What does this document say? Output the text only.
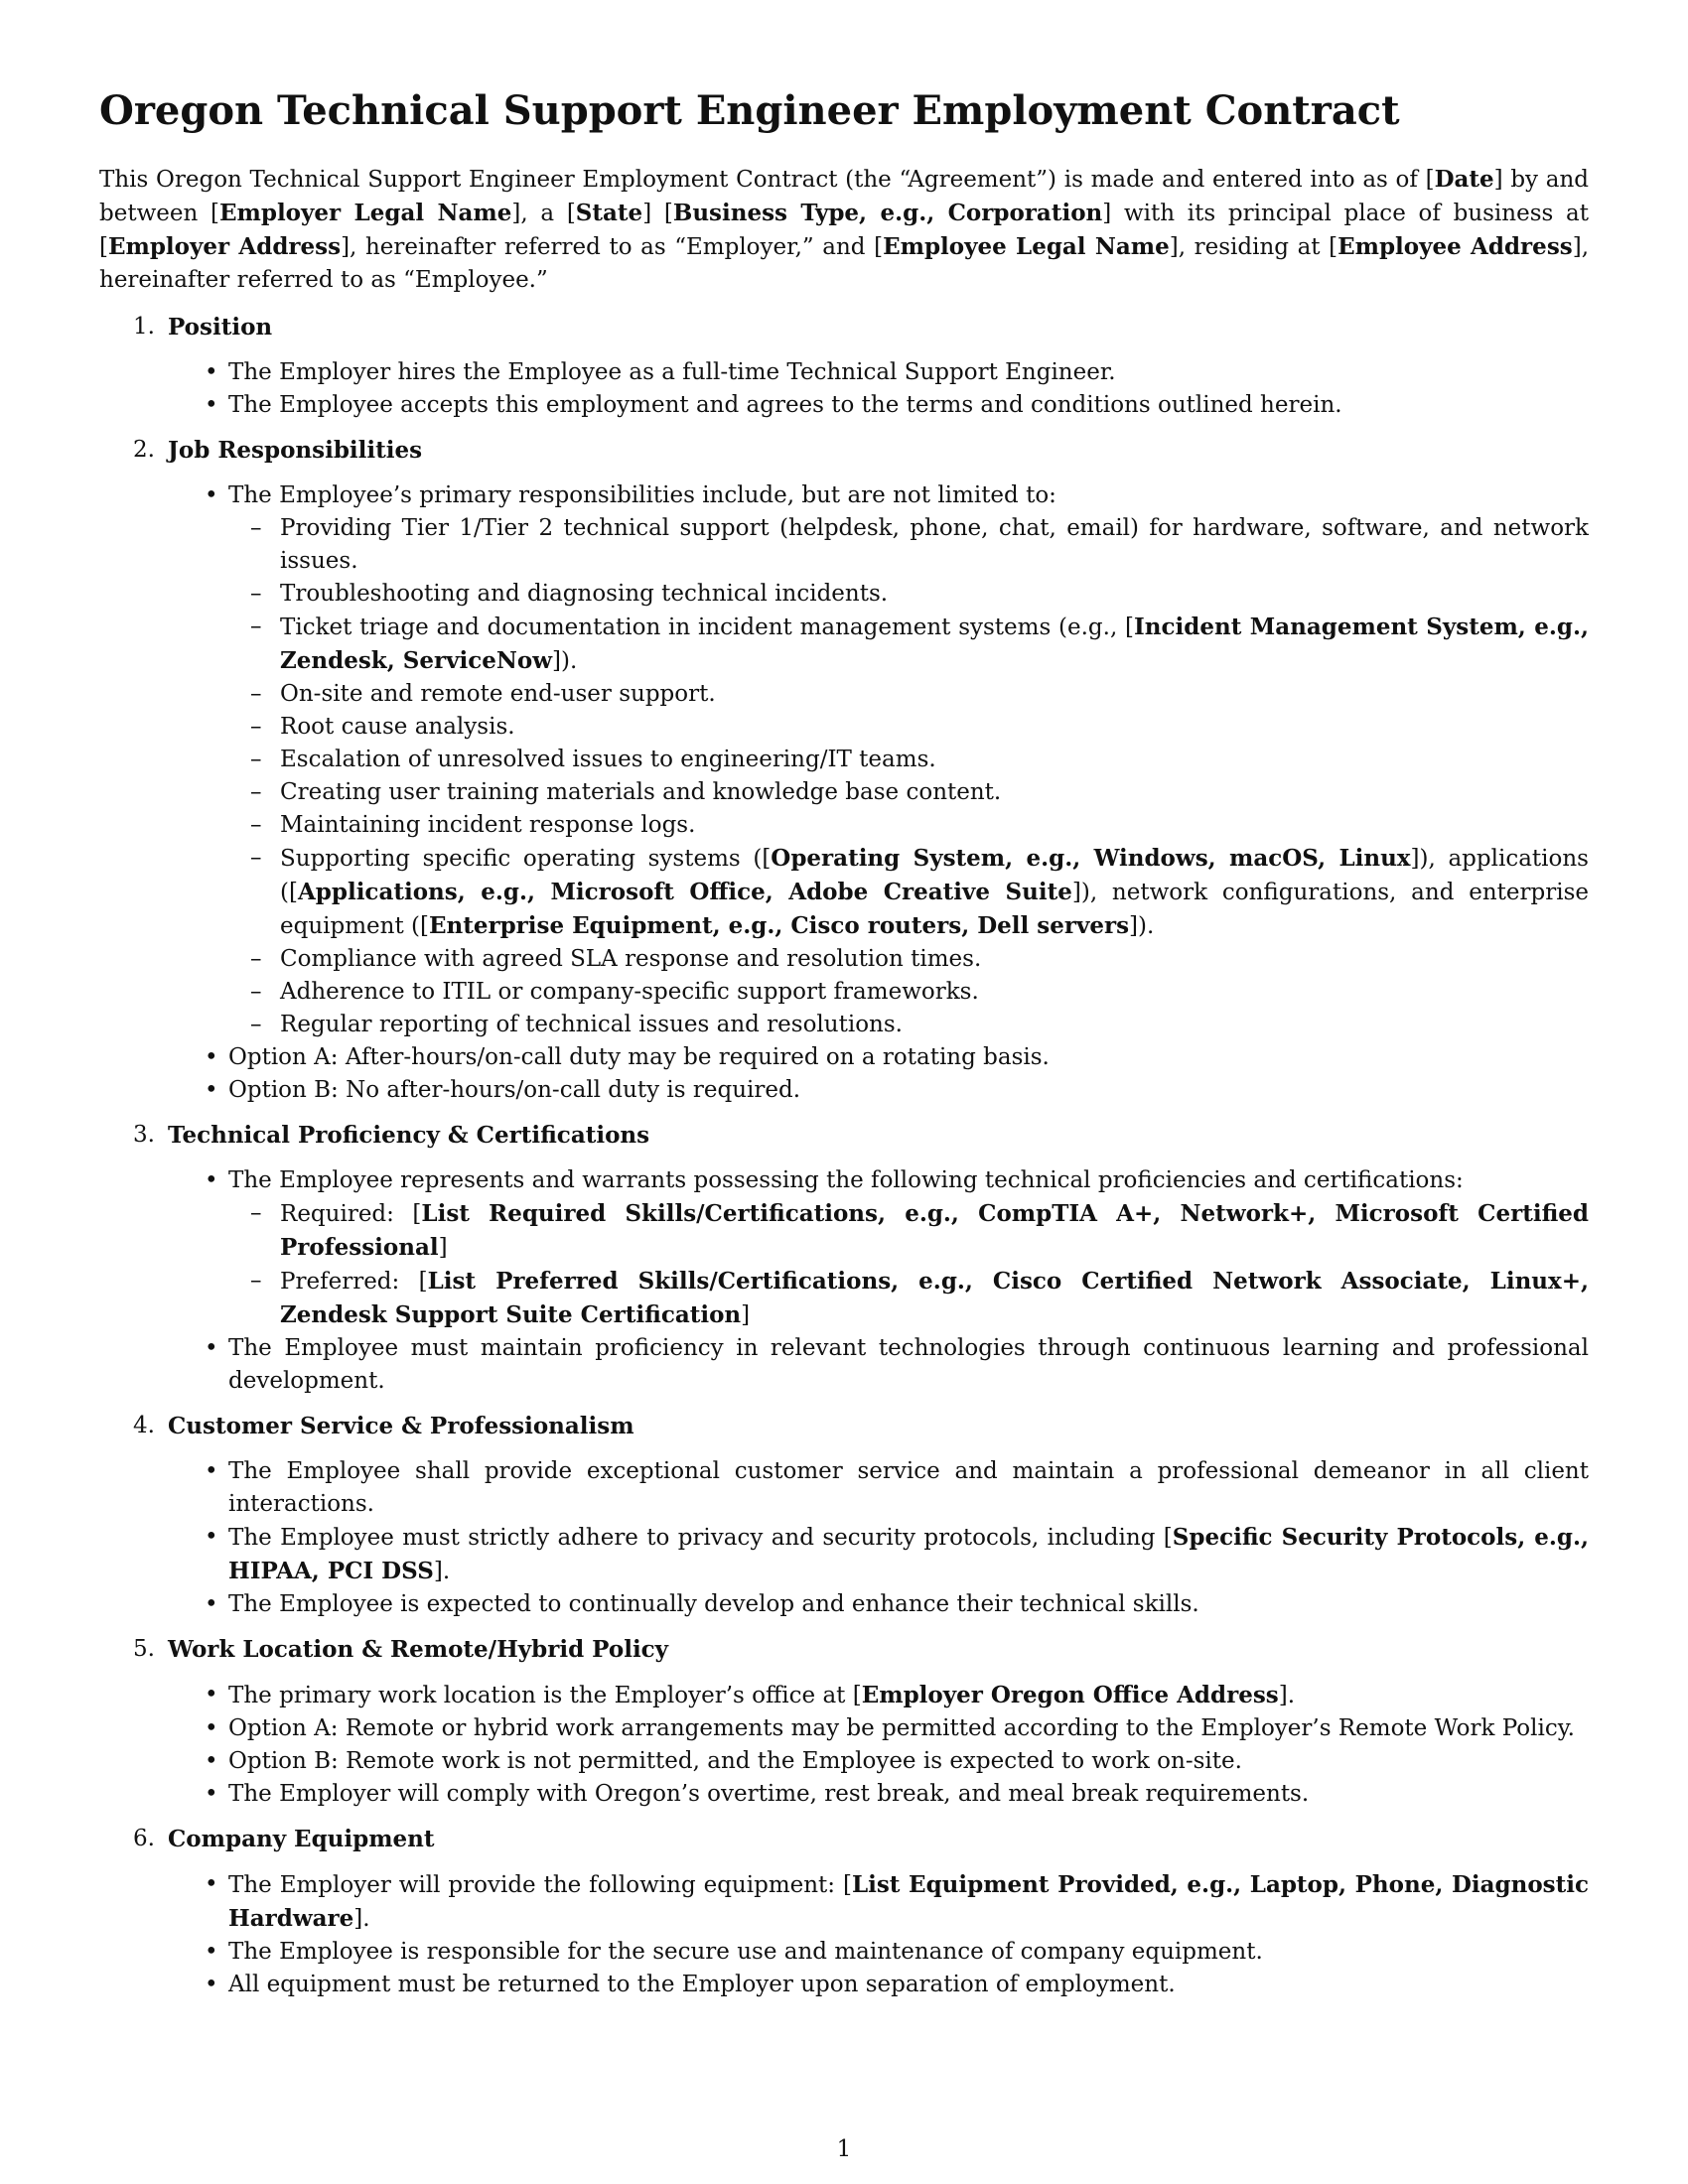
Oregon Technical Support Engineer Employment Contract

This Oregon Technical Support Engineer Employment Contract (the “Agreement”) is made and entered into as of [Date] by and between [Employer Legal Name], a [State] [Business Type, e.g., Corporation] with its principal place of business at [Employer Address], hereinafter referred to as “Employer,” and [Employee Legal Name], residing at [Employee Address], hereinafter referred to as “Employee.”

1. Position
• The Employer hires the Employee as a full-time Technical Support Engineer.
• The Employee accepts this employment and agrees to the terms and conditions outlined herein.
2. Job Responsibilities
• The Employee’s primary responsibilities include, but are not limited to:
– Providing Tier 1/Tier 2 technical support (helpdesk, phone, chat, email) for hardware, software, and network issues.
– Troubleshooting and diagnosing technical incidents.
– Ticket triage and documentation in incident management systems (e.g., [Incident Management System, e.g., Zendesk, ServiceNow]).
– On-site and remote end-user support.
– Root cause analysis.
– Escalation of unresolved issues to engineering/IT teams.
– Creating user training materials and knowledge base content.
– Maintaining incident response logs.
– Supporting specific operating systems ([Operating System, e.g., Windows, macOS, Linux]), applications ([Applications, e.g., Microsoft Office, Adobe Creative Suite]), network configurations, and enterprise equipment ([Enterprise Equipment, e.g., Cisco routers, Dell servers]).
– Compliance with agreed SLA response and resolution times.
– Adherence to ITIL or company-specific support frameworks.
– Regular reporting of technical issues and resolutions.
• Option A: After-hours/on-call duty may be required on a rotating basis.
• Option B: No after-hours/on-call duty is required.
3. Technical Proficiency & Certifications
• The Employee represents and warrants possessing the following technical proficiencies and certifications:
– Required: [List Required Skills/Certifications, e.g., CompTIA A+, Network+, Microsoft Certified Professional]
– Preferred: [List Preferred Skills/Certifications, e.g., Cisco Certified Network Associate, Linux+, Zendesk Support Suite Certification]
• The Employee must maintain proficiency in relevant technologies through continuous learning and professional development.
4. Customer Service & Professionalism
• The Employee shall provide exceptional customer service and maintain a professional demeanor in all client interactions.
• The Employee must strictly adhere to privacy and security protocols, including [Specific Security Protocols, e.g., HIPAA, PCI DSS].
• The Employee is expected to continually develop and enhance their technical skills.
5. Work Location & Remote/Hybrid Policy
• The primary work location is the Employer’s office at [Employer Oregon Office Address].
• Option A: Remote or hybrid work arrangements may be permitted according to the Employer’s Remote Work Policy.
• Option B: Remote work is not permitted, and the Employee is expected to work on-site.
• The Employer will comply with Oregon’s overtime, rest break, and meal break requirements.
6. Company Equipment
• The Employer will provide the following equipment: [List Equipment Provided, e.g., Laptop, Phone, Diagnostic Hardware].
• The Employee is responsible for the secure use and maintenance of company equipment.
• All equipment must be returned to the Employer upon separation of employment.
1
